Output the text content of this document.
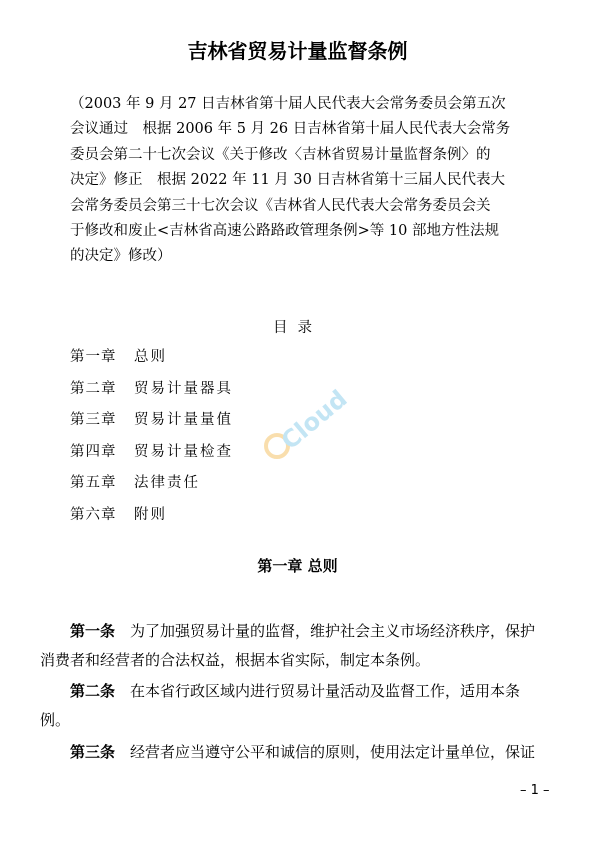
吉林省贸易计量监督条例
（2003 年 9 月 27 日吉林省第十届人民代表大会常务委员会第五次
会议通过　根据 2006 年 5 月 26 日吉林省第十届人民代表大会常务
委员会第二十七次会议《关于修改〈吉林省贸易计量监督条例〉的
决定》修正　根据 2022 年 11 月 30 日吉林省第十三届人民代表大
会常务委员会第三十七次会议《吉林省人民代表大会常务委员会关
于修改和废止<吉林省高速公路路政管理条例>等 10 部地方性法规
的决定》修改）
目录
第一章 总则
第二章 贸易计量器具
第三章 贸易计量量值
第四章 贸易计量检查
第五章 法律责任
第六章 附则
Cloud
第一章 总则
第一条　 为了加强贸易计量的监督，维护社会主义市场经济秩序，保护
消费者和经营者的合法权益，根据本省实际，制定本条例。
第二条　 在本省行政区域内进行贸易计量活动及监督工作，适用本条
例。
第三条　 经营者应当遵守公平和诚信的原则，使用法定计量单位，保证
– 1 –
